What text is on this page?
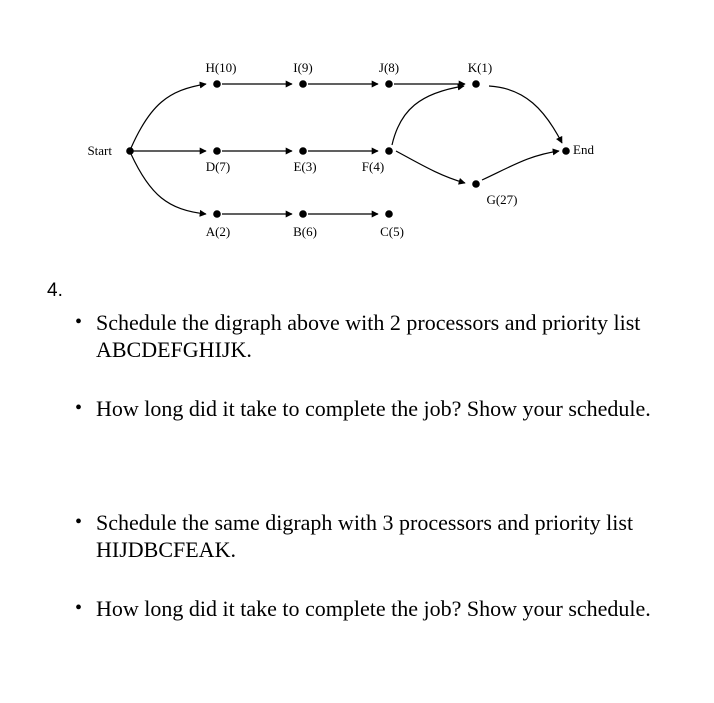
Start
H(10)	I(9)	J(8)	K(1)
D(7)	E(3)	F(4)
G(27)
A(2)	B(6)	C(5)
End
4.
• Schedule the digraph above with 2 processors and priority list ABCDEFGHIJK.
• How long did it take to complete the job? Show your schedule.
• Schedule the same digraph with 3 processors and priority list HIJDBCFEAK.
• How long did it take to complete the job? Show your schedule.
